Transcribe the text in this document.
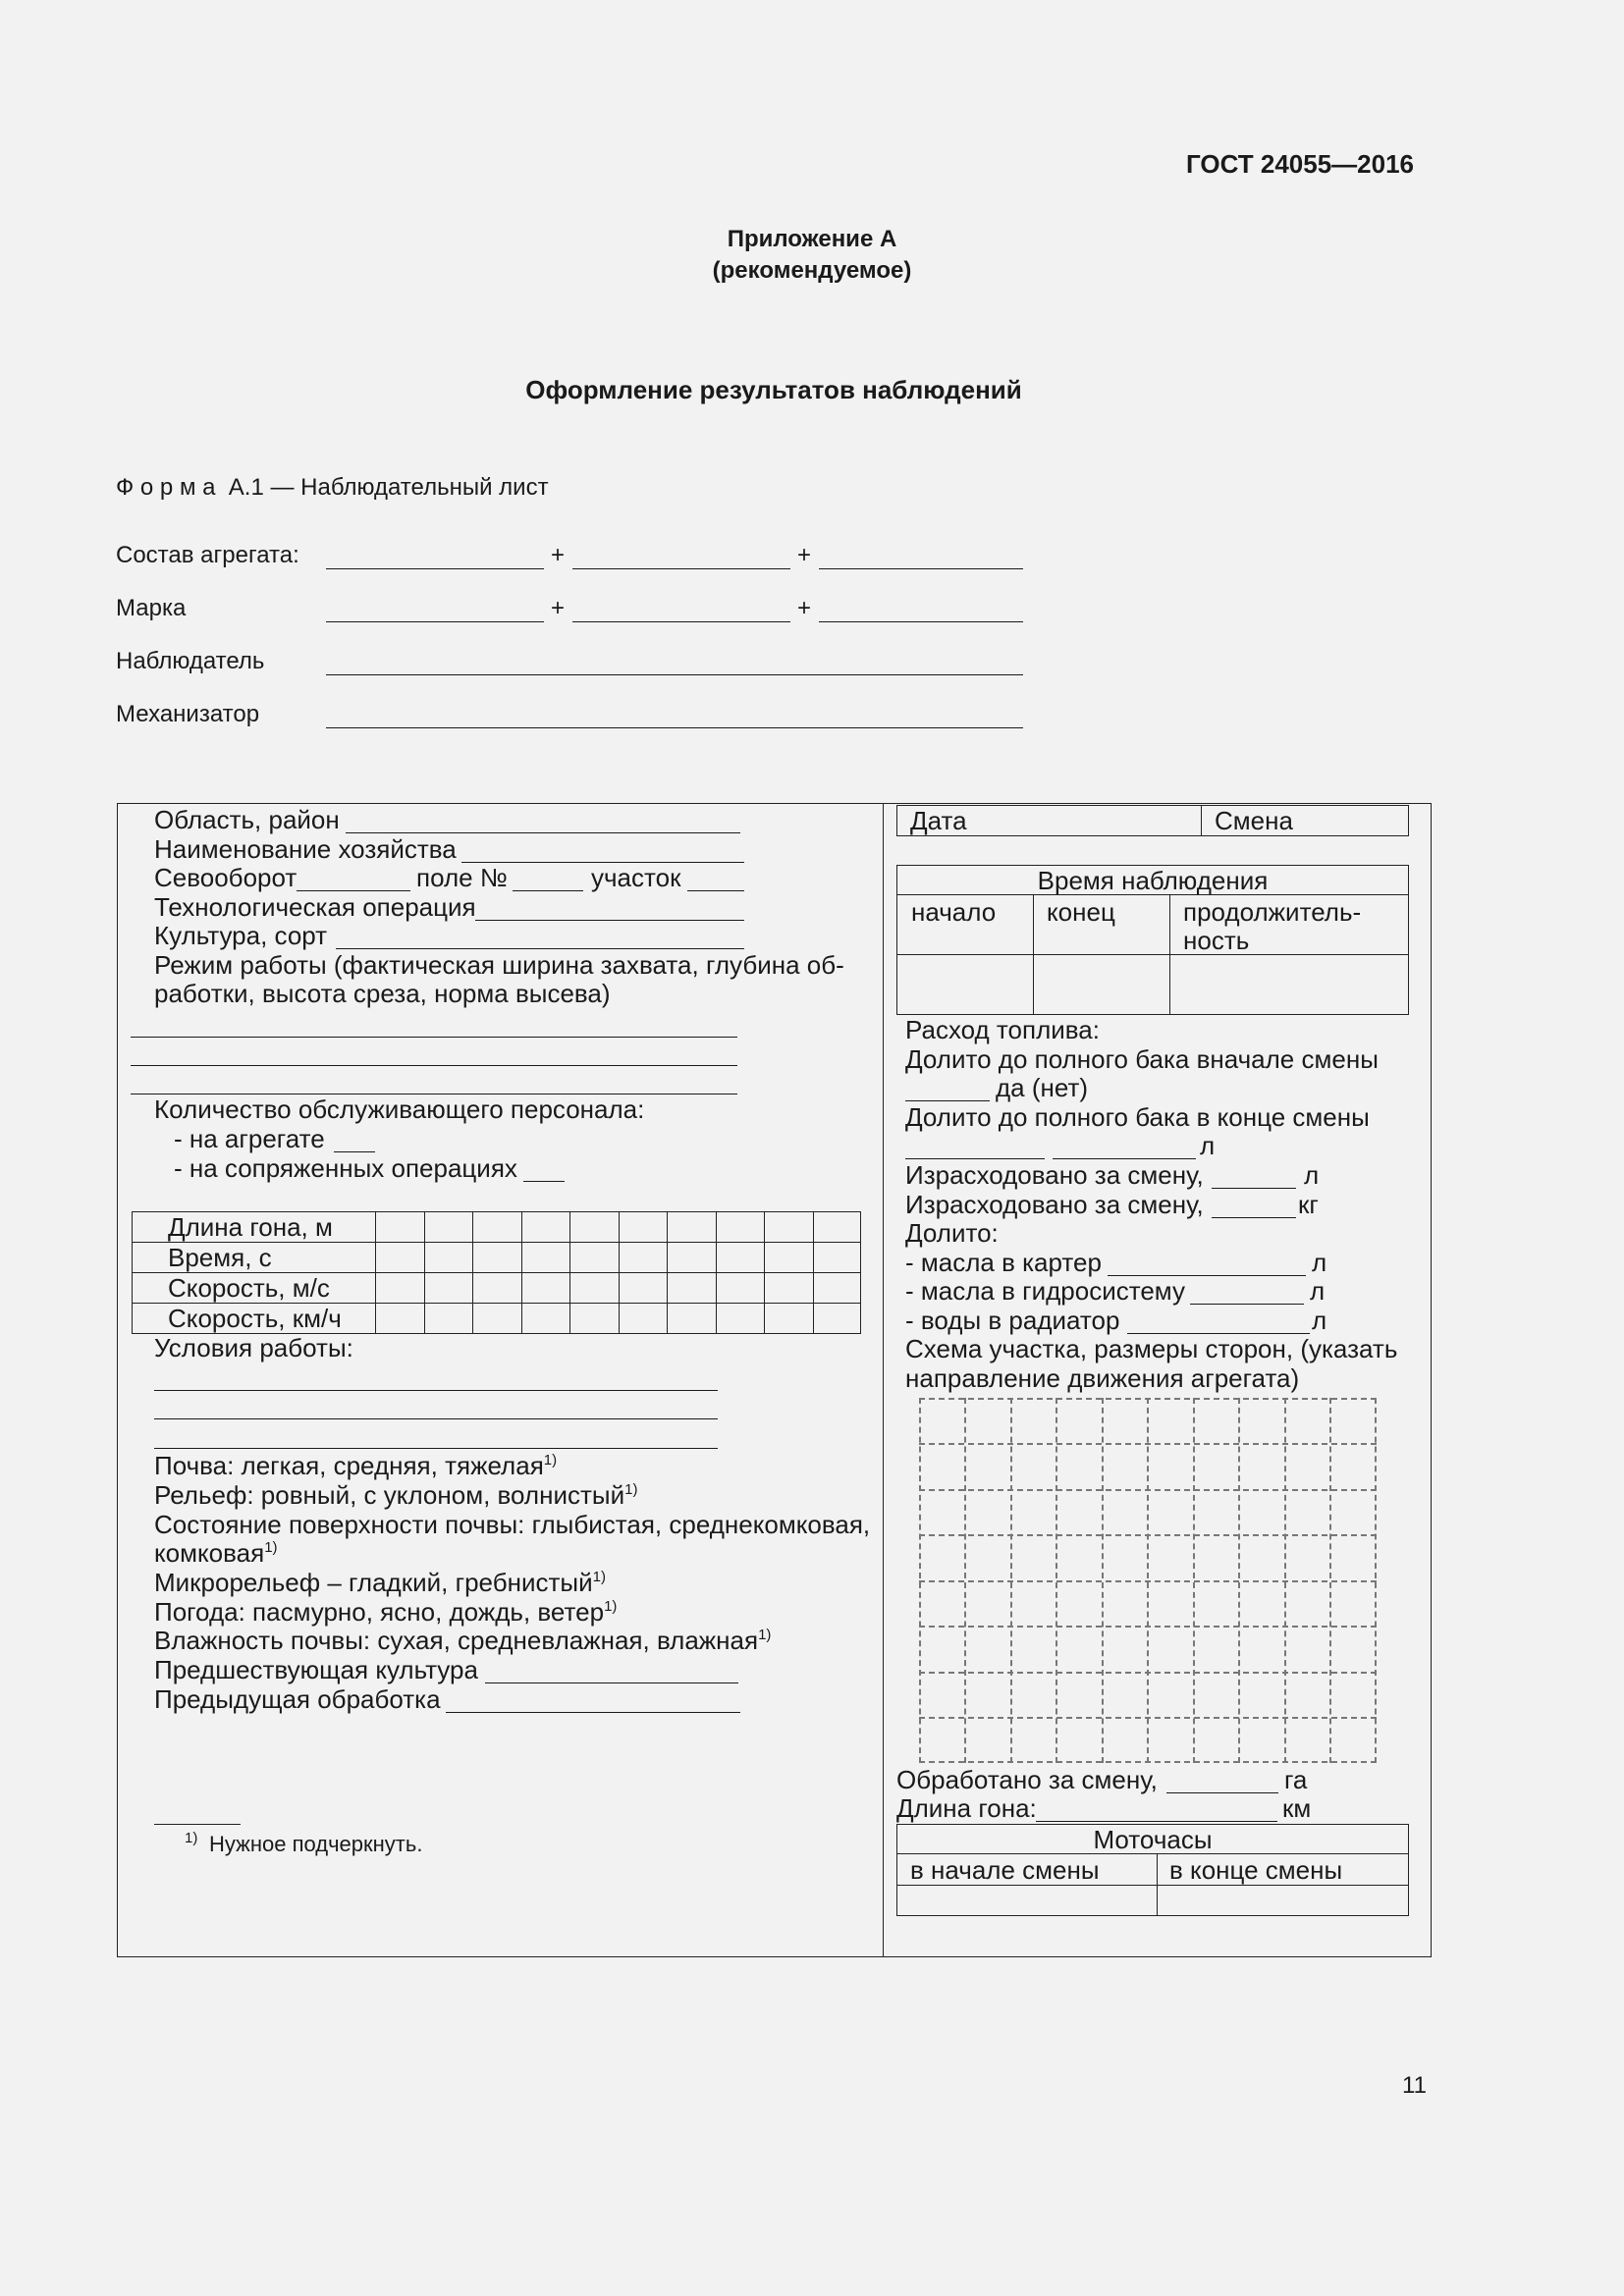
ГОСТ 24055—2016
Приложение А
(рекомендуемое)
Оформление результатов наблюдений
Ф о р м а  А.1 — Наблюдательный лист
Состав агрегата:	+	+
Марка	+	+
Наблюдатель
Механизатор
Область, район
Наименование хозяйства
Севооборот	поле №	участок
Технологическая операция
Культура, сорт
Режим работы (фактическая ширина захвата, глубина об-
работки, высота среза, норма высева)
Количество обслуживающего персонала:
- на агрегате
- на сопряженных операциях
Длина гона, м
Время, с
Скорость, м/с
Скорость, км/ч
Условия работы:
Почва: легкая, средняя, тяжелая$^{1)}$
Рельеф: ровный, с уклоном, волнистый$^{1)}$
Состояние поверхности почвы: глыбистая, среднекомковая,
комковая$^{1)}$
Микрорельеф – гладкий, гребнистый$^{1)}$
Погода: пасмурно, ясно, дождь, ветер$^{1)}$
Влажность почвы: сухая, средневлажная, влажная$^{1)}$
Предшествующая культура
Предыдущая обработка
1) Нужное подчеркнуть.
Дата	Смена
Время наблюдения
начало конец	продолжитель-
ность
Расход топлива:
Долито до полного бака вначале смены
да (нет)
Долито до полного бака в конце смены
л
Израсходовано за смену,	л
Израсходовано за смену,	кг
Долито:
- масла в картер	л
- масла в гидросистему	л
- воды в радиатор	л
Схема участка, размеры сторон, (указать
направление движения агрегата)
Обработано за смену,	га
Длина гона:	км
Моточасы
в начале смены	в конце смены
11
